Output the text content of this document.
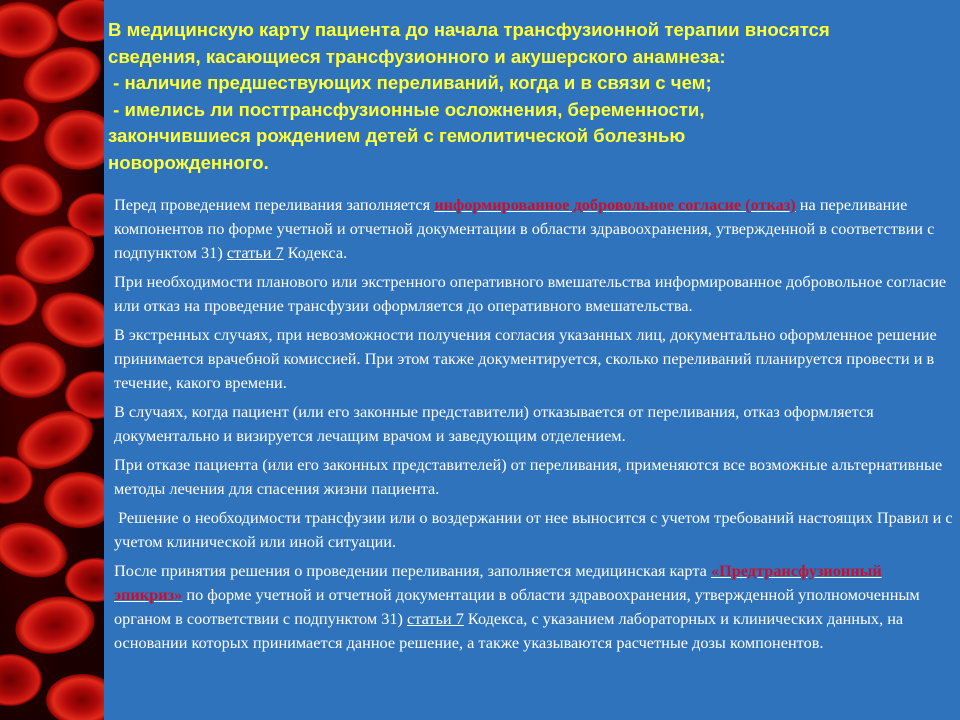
В медицинскую карту пациента до начала трансфузионной терапии вносятся
сведения, касающиеся трансфузионного и акушерского анамнеза:
- наличие предшествующих переливаний, когда и в связи с чем;
- имелись ли посттрансфузионные осложнения, беременности,
закончившиеся рождением детей с гемолитической болезнью
новорожденного.
Перед проведением переливания заполняется информированное добровольное согласие (отказ) на переливание компонентов по форме учетной и отчетной документации в области здравоохранения, утвержденной в соответствии с подпунктом 31) статьи 7 Кодекса.
При необходимости планового или экстренного оперативного вмешательства информированное добровольное согласие или отказ на проведение трансфузии оформляется до оперативного вмешательства.
В экстренных случаях, при невозможности получения согласия указанных лиц, документально оформленное решение принимается врачебной комиссией. При этом также документируется, сколько переливаний планируется провести и в течение, какого времени.
В случаях, когда пациент (или его законные представители) отказывается от переливания, отказ оформляется документально и визируется лечащим врачом и заведующим отделением.
При отказе пациента (или его законных представителей) от переливания, применяются все возможные альтернативные методы лечения для спасения жизни пациента.
Решение о необходимости трансфузии или о воздержании от нее выносится с учетом требований настоящих Правил и с учетом клинической или иной ситуации.
После принятия решения о проведении переливания, заполняется медицинская карта «Предтрансфузионный эпикриз» по форме учетной и отчетной документации в области здравоохранения, утвержденной уполномоченным органом в соответствии с подпунктом 31) статьи 7 Кодекса, с указанием лабораторных и клинических данных, на основании которых принимается данное решение, а также указываются расчетные дозы компонентов.
